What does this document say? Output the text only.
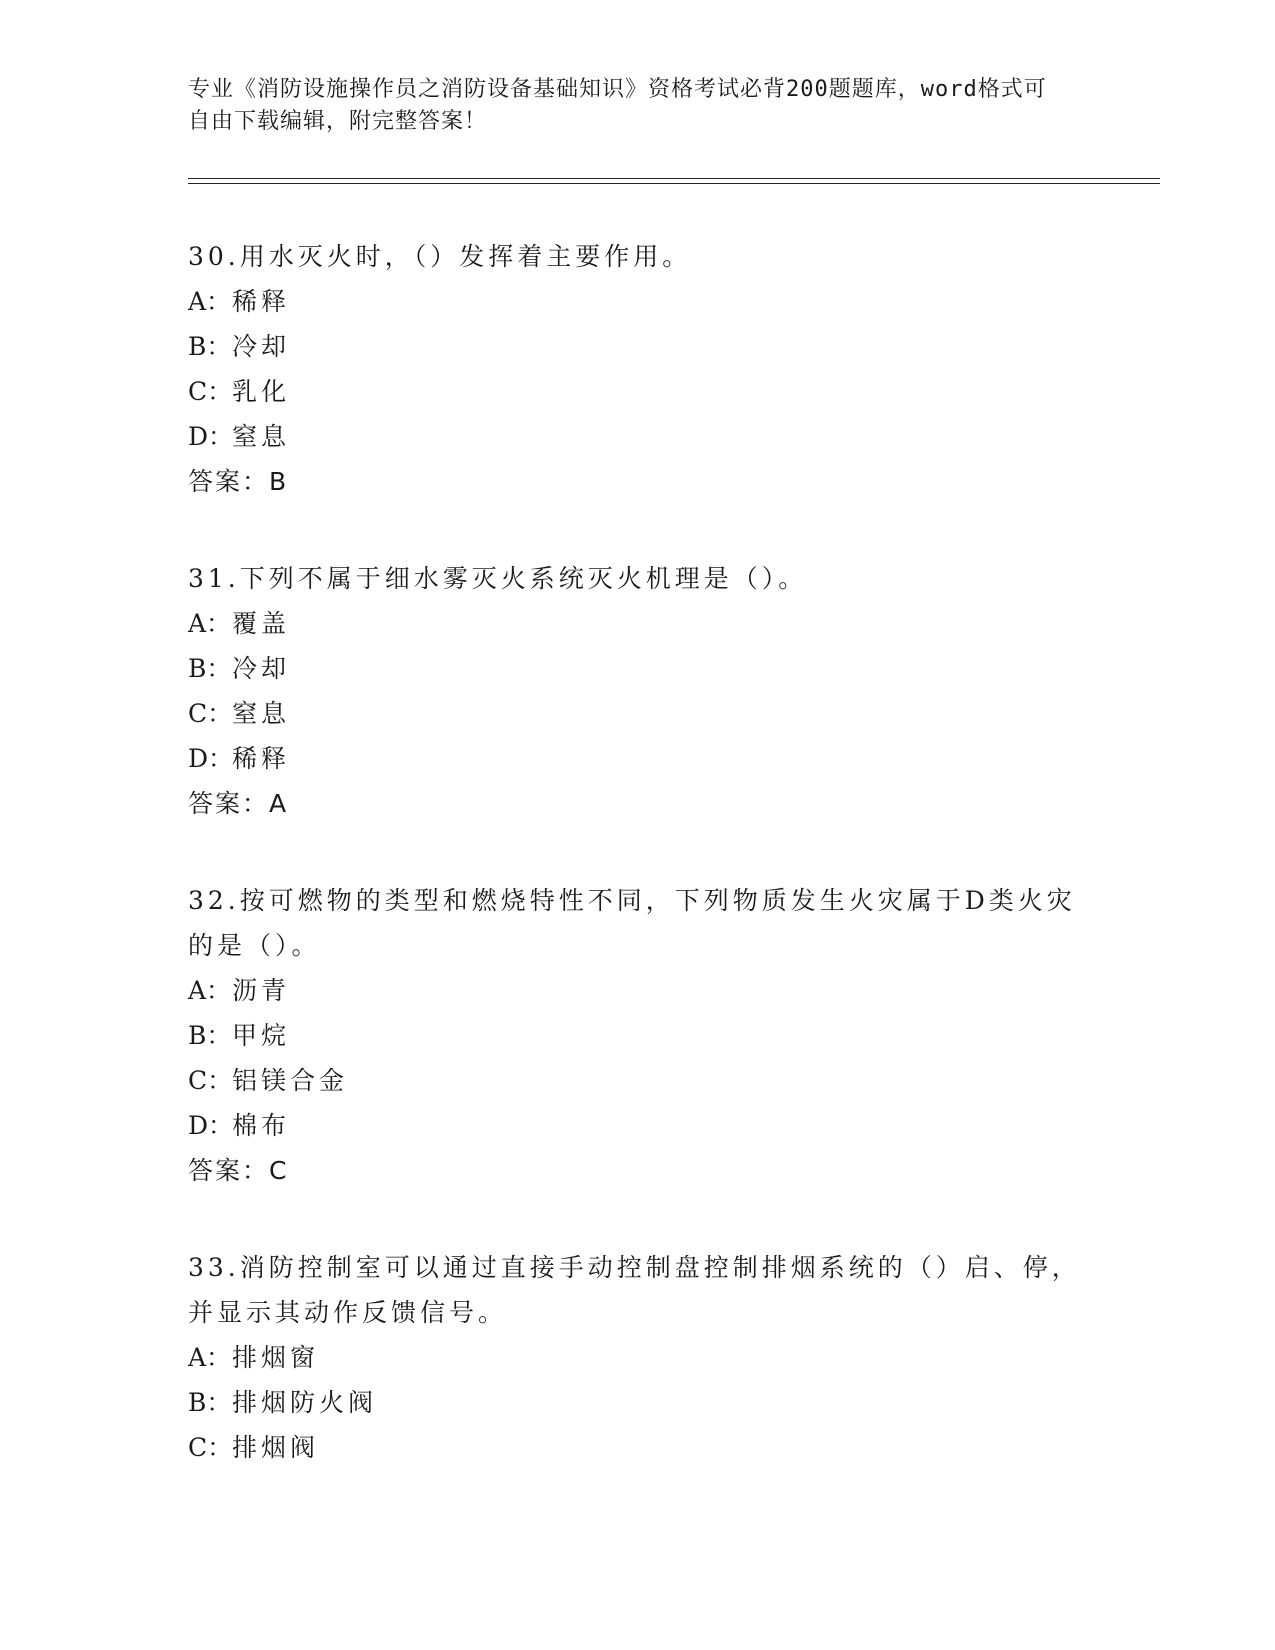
专业《消防设施操作员之消防设备基础知识》资格考试必背200题题库，word格式可自由下载编辑，附完整答案！
30.用水灭火时，（）发挥着主要作用。
A：稀释
B：冷却
C：乳化
D：窒息
答案：B
31.下列不属于细水雾灭火系统灭火机理是（）。
A：覆盖
B：冷却
C：窒息
D：稀释
答案：A
32.按可燃物的类型和燃烧特性不同，下列物质发生火灾属于D类火灾的是（）。
A：沥青
B：甲烷
C：铝镁合金
D：棉布
答案：C
33.消防控制室可以通过直接手动控制盘控制排烟系统的（）启、停，并显示其动作反馈信号。
A：排烟窗
B：排烟防火阀
C：排烟阀
